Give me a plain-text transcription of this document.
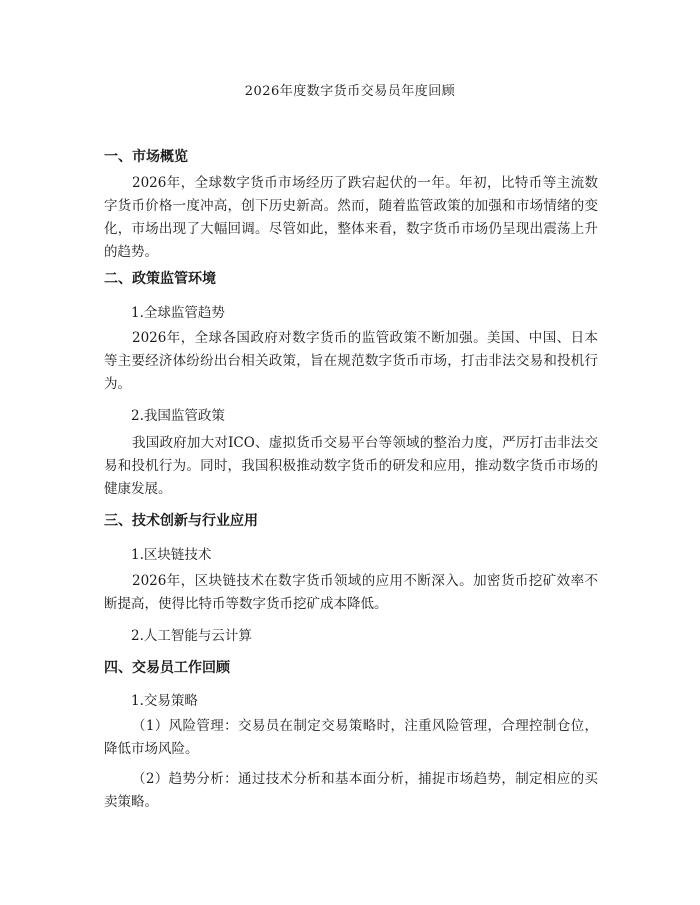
2026年度数字货币交易员年度回顾
一、市场概览

2026年，全球数字货币市场经历了跌宕起伏的一年。年初，比特币等主流数字货币价格一度冲高，创下历史新高。然而，随着监管政策的加强和市场情绪的变化，市场出现了大幅回调。尽管如此，整体来看，数字货币市场仍呈现出震荡上升的趋势。

二、政策监管环境
1.全球监管趋势

2026年，全球各国政府对数字货币的监管政策不断加强。美国、中国、日本等主要经济体纷纷出台相关政策，旨在规范数字货币市场，打击非法交易和投机行为。

2.我国监管政策

我国政府加大对ICO、虚拟货币交易平台等领域的整治力度，严厉打击非法交易和投机行为。同时，我国积极推动数字货币的研发和应用，推动数字货币市场的健康发展。

三、技术创新与行业应用
1.区块链技术

2026年，区块链技术在数字货币领域的应用不断深入。加密货币挖矿效率不断提高，使得比特币等数字货币挖矿成本降低。

2.人工智能与云计算
四、交易员工作回顾
1.交易策略

（1）风险管理：交易员在制定交易策略时，注重风险管理，合理控制仓位，降低市场风险。

（2）趋势分析：通过技术分析和基本面分析，捕捉市场趋势，制定相应的买卖策略。
